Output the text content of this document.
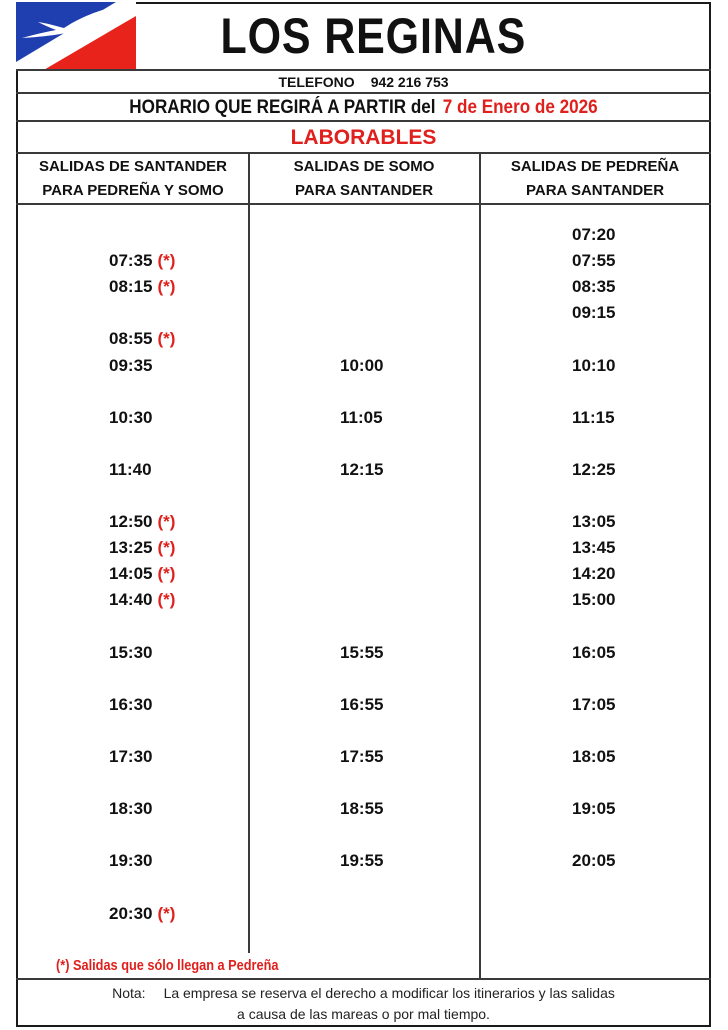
LOS REGINAS
TELEFONO 942 216 753
HORARIO QUE REGIRÁ A PARTIR del 7 de Enero de 2026
LABORABLES
SALIDAS DE SANTANDER
PARA PEDREÑA Y SOMO
SALIDAS DE SOMO
PARA SANTANDER
SALIDAS DE PEDREÑA
PARA SANTANDER
07:35 (*)
08:15 (*)
08:55 (*)
09:35
10:30
11:40
12:50 (*)
13:25 (*)
14:05 (*)
14:40 (*)
15:30
16:30
17:30
18:30
19:30
20:30 (*)
10:00
11:05
12:15
15:55
16:55
17:55
18:55
19:55
07:20
07:55
08:35
09:15
10:10
11:15
12:25
13:05
13:45
14:20
15:00
16:05
17:05
18:05
19:05
20:05
(*) Salidas que sólo llegan a Pedreña
Nota: La empresa se reserva el derecho a modificar los itinerarios y las salidas
a causa de las mareas o por mal tiempo.
